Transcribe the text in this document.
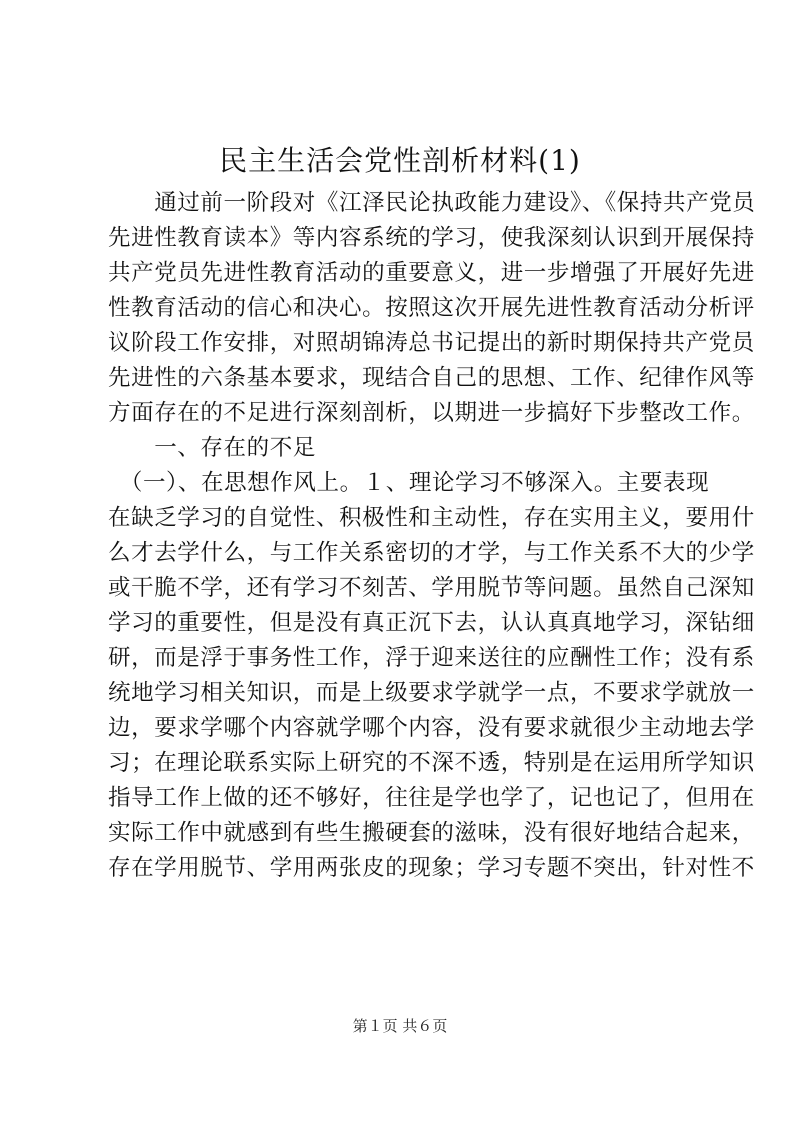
民主生活会党性剖析材料(1)
　　通过前一阶段对《江泽民论执政能力建设》、《保持共产党员
先进性教育读本》等内容系统的学习，使我深刻认识到开展保持
共产党员先进性教育活动的重要意义，进一步增强了开展好先进
性教育活动的信心和决心。按照这次开展先进性教育活动分析评
议阶段工作安排，对照胡锦涛总书记提出的新时期保持共产党员
先进性的六条基本要求，现结合自己的思想、工作、纪律作风等
方面存在的不足进行深刻剖析，以期进一步搞好下步整改工作。
　　一、存在的不足
　（一）、在思想作风上。１、理论学习不够深入。主要表现
在缺乏学习的自觉性、积极性和主动性，存在实用主义，要用什
么才去学什么，与工作关系密切的才学，与工作关系不大的少学
或干脆不学，还有学习不刻苦、学用脱节等问题。虽然自己深知
学习的重要性，但是没有真正沉下去，认认真真地学习，深钻细
研，而是浮于事务性工作，浮于迎来送往的应酬性工作；没有系
统地学习相关知识，而是上级要求学就学一点，不要求学就放一
边，要求学哪个内容就学哪个内容，没有要求就很少主动地去学
习；在理论联系实际上研究的不深不透，特别是在运用所学知识
指导工作上做的还不够好，往往是学也学了，记也记了，但用在
实际工作中就感到有些生搬硬套的滋味，没有很好地结合起来，
存在学用脱节、学用两张皮的现象；学习专题不突出，针对性不
第１页 共６页
